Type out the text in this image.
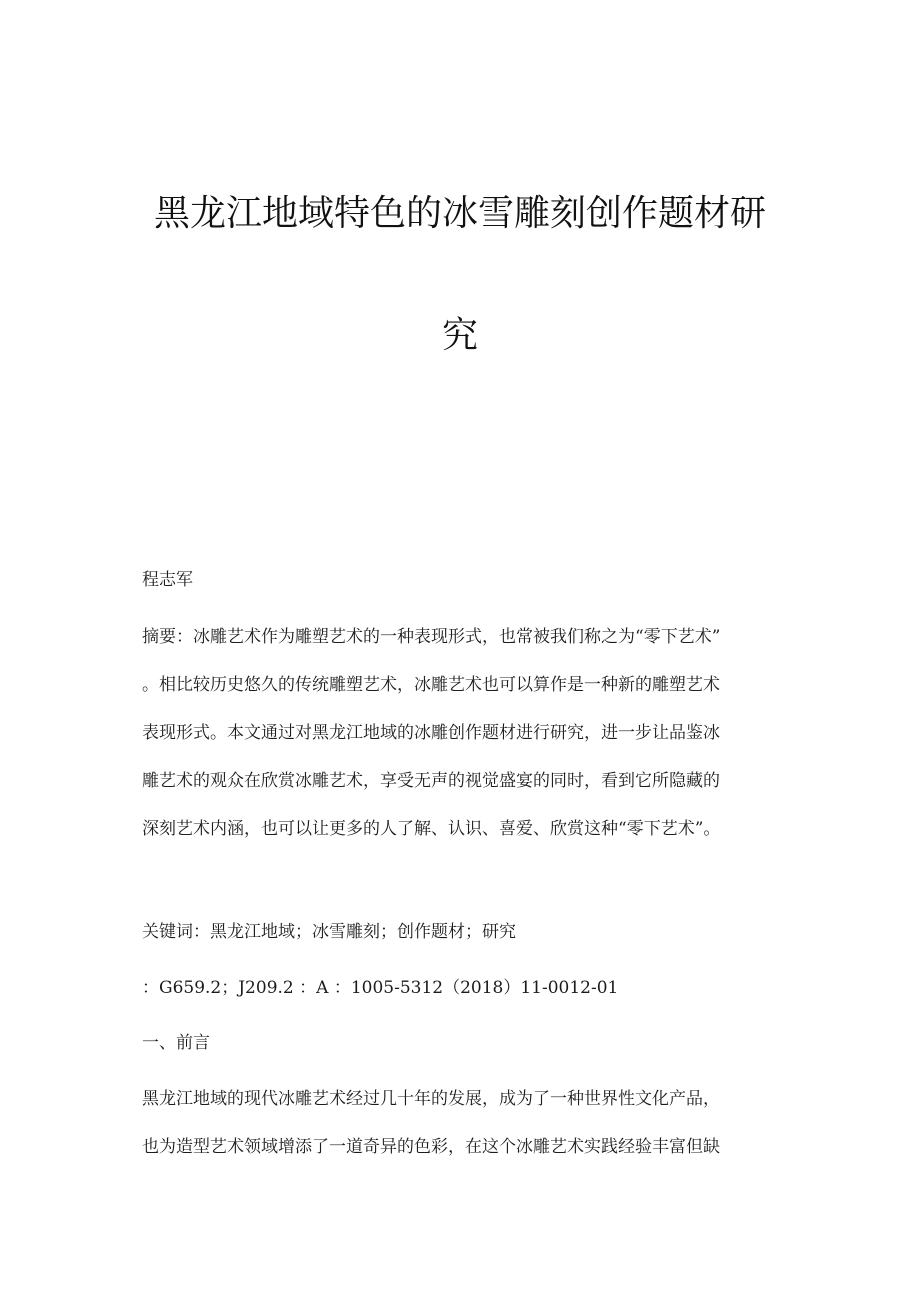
黑龙江地域特色的冰雪雕刻创作题材研
究
程志军
摘要：冰雕艺术作为雕塑艺术的一种表现形式，也常被我们称之为“零下艺术”
。相比较历史悠久的传统雕塑艺术，冰雕艺术也可以算作是一种新的雕塑艺术
表现形式。本文通过对黑龙江地域的冰雕创作题材进行研究，进一步让品鉴冰
雕艺术的观众在欣赏冰雕艺术，享受无声的视觉盛宴的同时，看到它所隐藏的
深刻艺术内涵，也可以让更多的人了解、认识、喜爱、欣赏这种“零下艺术”。
关键词：黑龙江地域；冰雪雕刻；创作题材；研究
：G659.2；J209.2 ：A ：1005-5312（2018）11-0012-01
一、前言
黑龙江地域的现代冰雕艺术经过几十年的发展，成为了一种世界性文化产品，
也为造型艺术领域增添了一道奇异的色彩，在这个冰雕艺术实践经验丰富但缺
